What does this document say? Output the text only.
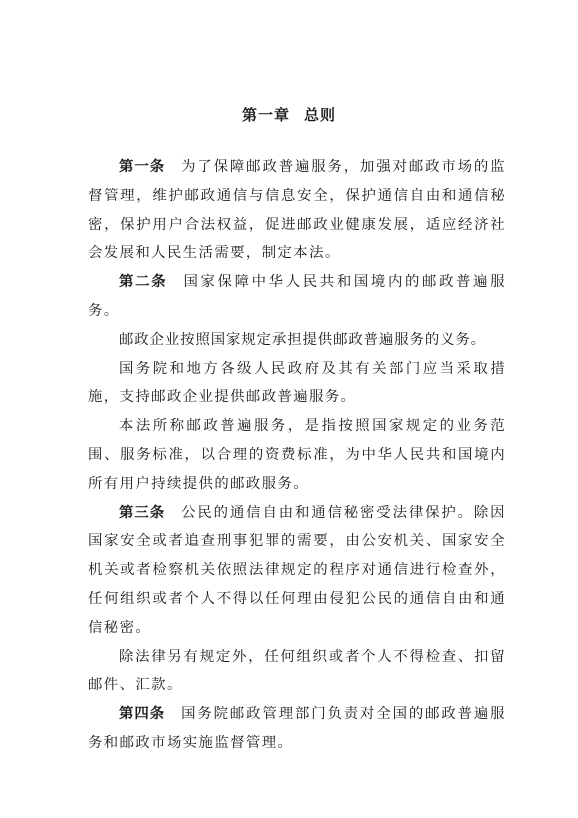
第一章 总则

第一条 为了保障邮政普遍服务，加强对邮政市场的监督管理，维护邮政通信与信息安全，保护通信自由和通信秘密，保护用户合法权益，促进邮政业健康发展，适应经济社会发展和人民生活需要，制定本法。

第二条 国家保障中华人民共和国境内的邮政普遍服务。

邮政企业按照国家规定承担提供邮政普遍服务的义务。

国务院和地方各级人民政府及其有关部门应当采取措施，支持邮政企业提供邮政普遍服务。

本法所称邮政普遍服务，是指按照国家规定的业务范围、服务标准，以合理的资费标准，为中华人民共和国境内所有用户持续提供的邮政服务。

第三条 公民的通信自由和通信秘密受法律保护。除因国家安全或者追查刑事犯罪的需要，由公安机关、国家安全机关或者检察机关依照法律规定的程序对通信进行检查外，任何组织或者个人不得以任何理由侵犯公民的通信自由和通信秘密。

除法律另有规定外，任何组织或者个人不得检查、扣留邮件、汇款。

第四条 国务院邮政管理部门负责对全国的邮政普遍服务和邮政市场实施监督管理。
